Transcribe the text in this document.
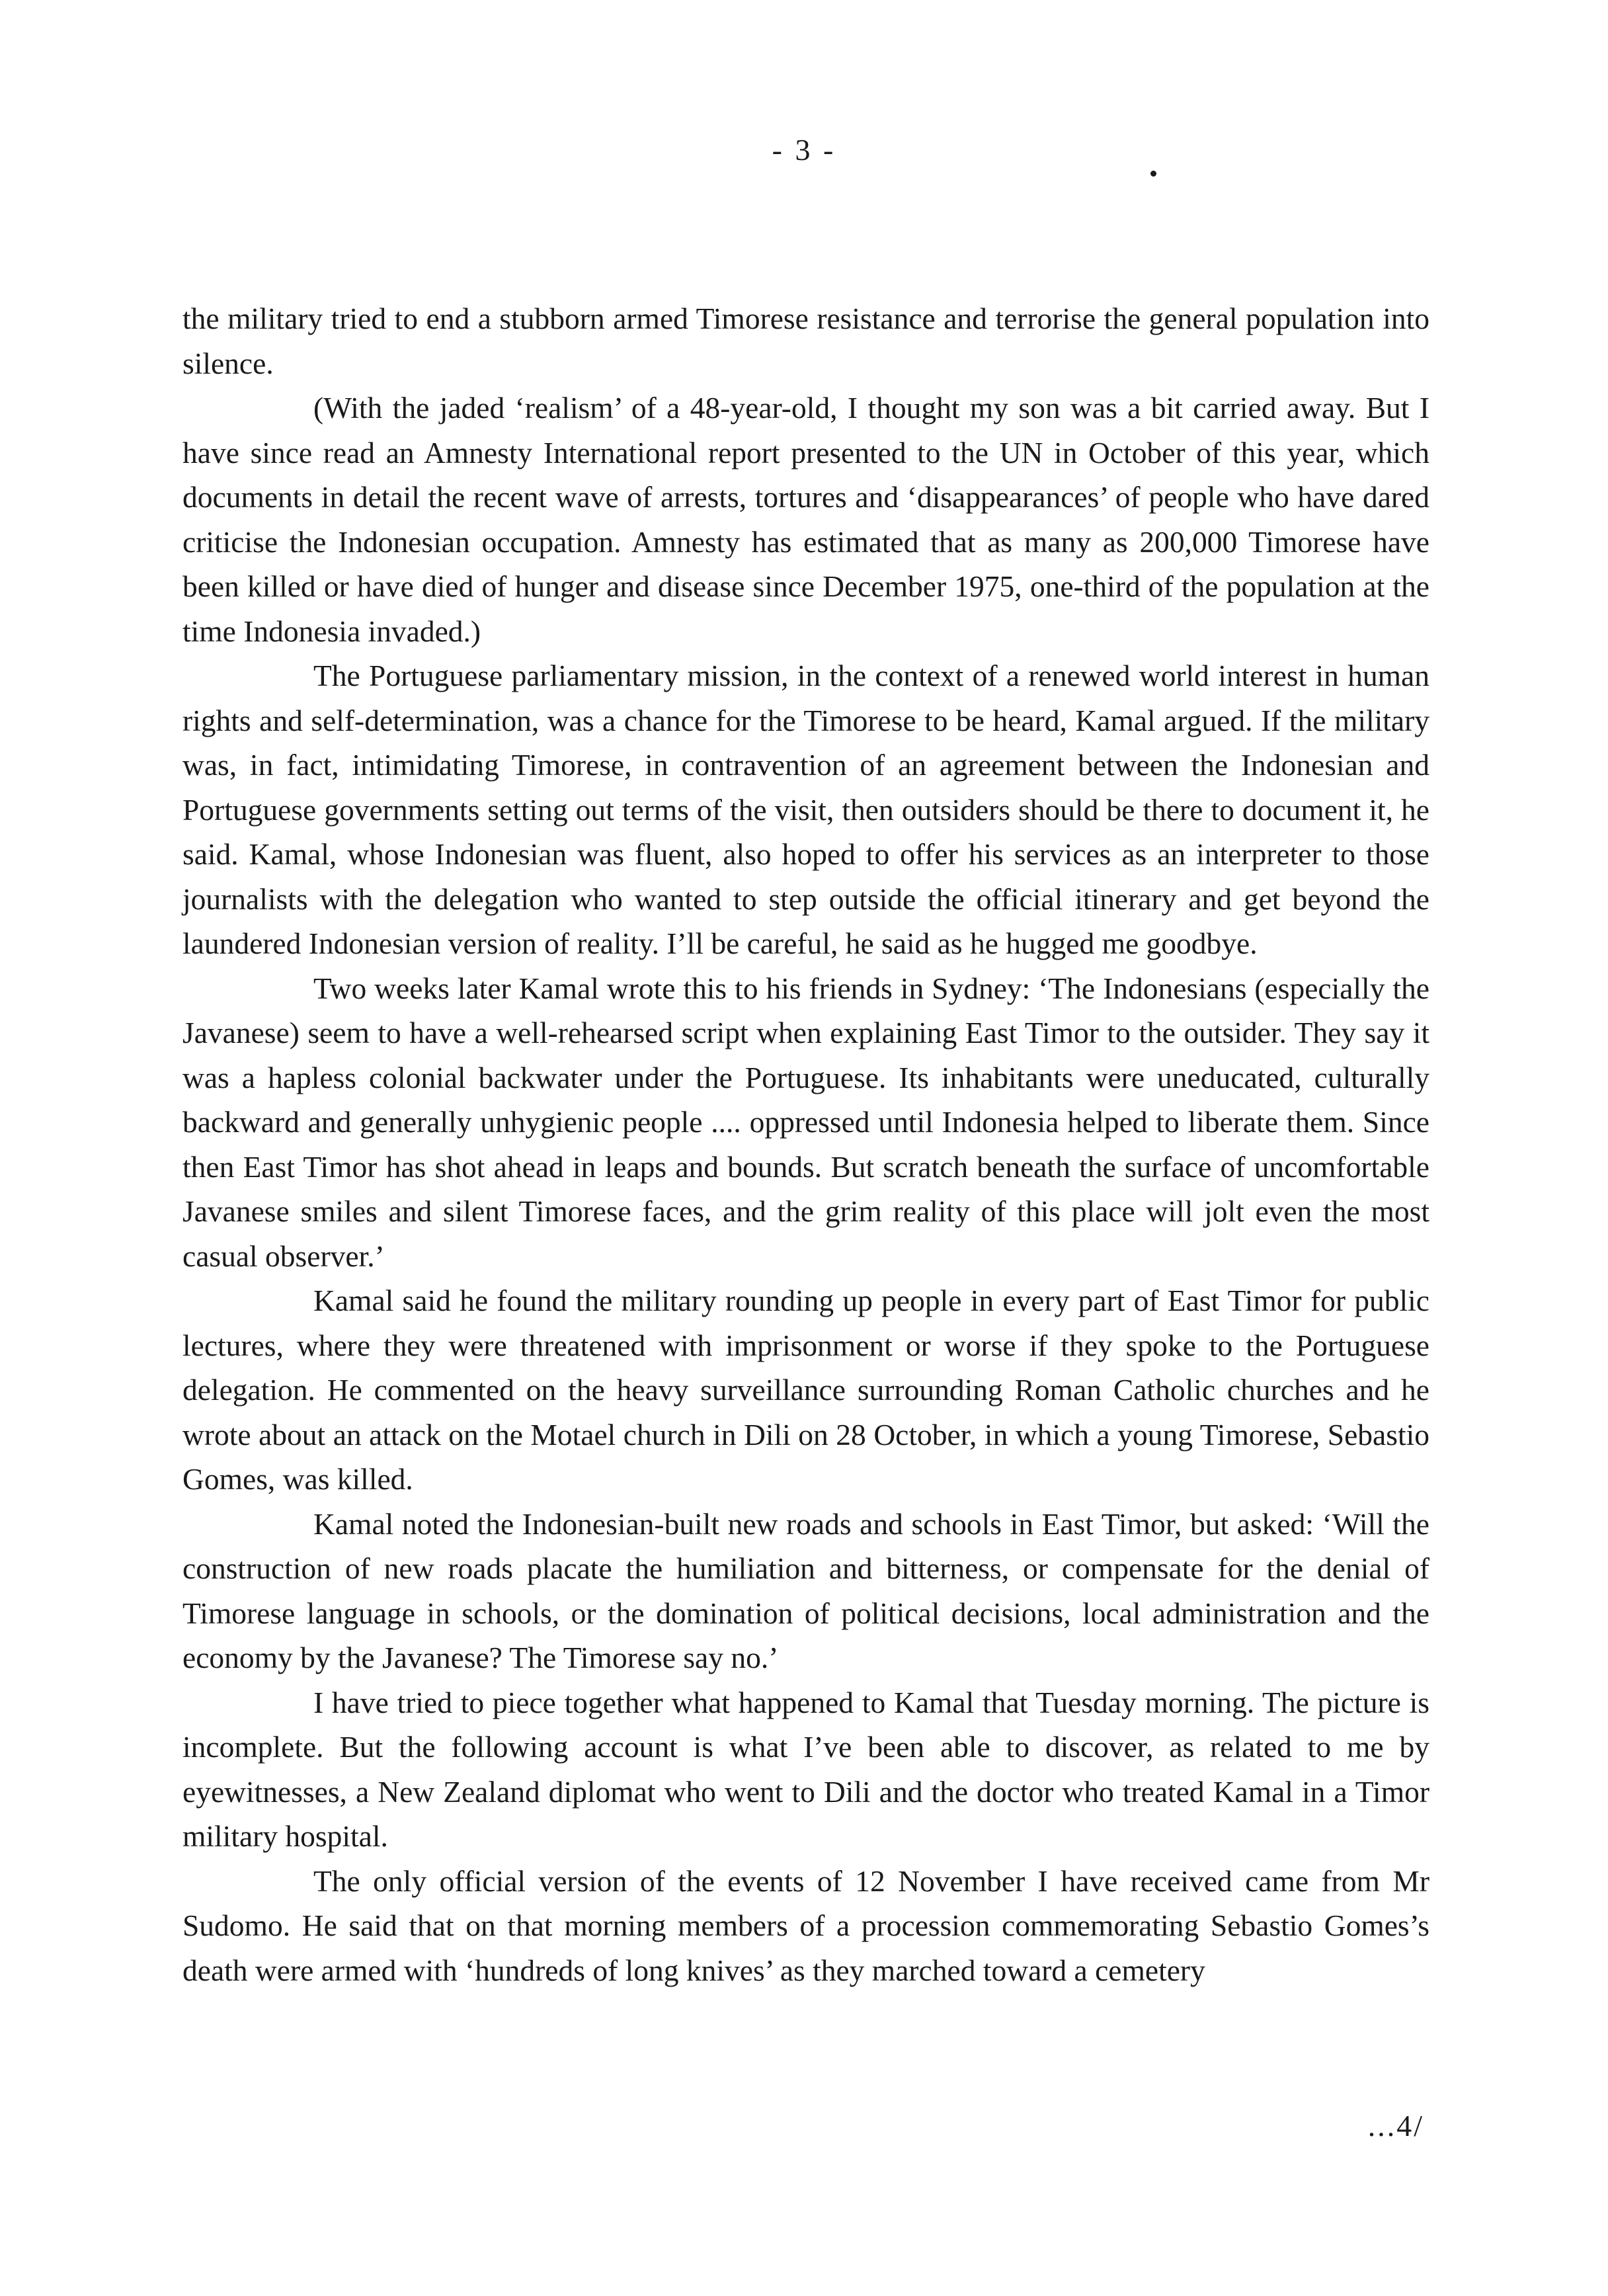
- 3 -

the military tried to end a stubborn armed Timorese resistance and terrorise the general population into silence.

(With the jaded ‘realism’ of a 48-year-old, I thought my son was a bit carried away. But I have since read an Amnesty International report presented to the UN in October of this year, which documents in detail the recent wave of arrests, tortures and ‘disappearances’ of people who have dared criticise the Indonesian occupation. Amnesty has estimated that as many as 200,000 Timorese have been killed or have died of hunger and disease since December 1975, one-third of the population at the time Indonesia invaded.)

The Portuguese parliamentary mission, in the context of a renewed world interest in human rights and self-determination, was a chance for the Timorese to be heard, Kamal argued. If the military was, in fact, intimidating Timorese, in contravention of an agreement between the Indonesian and Portuguese governments setting out terms of the visit, then outsiders should be there to document it, he said. Kamal, whose Indonesian was fluent, also hoped to offer his services as an interpreter to those journalists with the delegation who wanted to step outside the official itinerary and get beyond the laundered Indonesian version of reality. I’ll be careful, he said as he hugged me goodbye.

Two weeks later Kamal wrote this to his friends in Sydney: ‘The Indonesians (especially the Javanese) seem to have a well-rehearsed script when explaining East Timor to the outsider. They say it was a hapless colonial backwater under the Portuguese. Its inhabitants were uneducated, culturally backward and generally unhygienic people .... oppressed until Indonesia helped to liberate them. Since then East Timor has shot ahead in leaps and bounds. But scratch beneath the surface of uncomfortable Javanese smiles and silent Timorese faces, and the grim reality of this place will jolt even the most casual observer.’

Kamal said he found the military rounding up people in every part of East Timor for public lectures, where they were threatened with imprisonment or worse if they spoke to the Portuguese delegation. He commented on the heavy surveillance surrounding Roman Catholic churches and he wrote about an attack on the Motael church in Dili on 28 October, in which a young Timorese, Sebastio Gomes, was killed.

Kamal noted the Indonesian-built new roads and schools in East Timor, but asked: ‘Will the construction of new roads placate the humiliation and bitterness, or compensate for the denial of Timorese language in schools, or the domination of political decisions, local administration and the economy by the Javanese? The Timorese say no.’

I have tried to piece together what happened to Kamal that Tuesday morning. The picture is incomplete. But the following account is what I’ve been able to discover, as related to me by eyewitnesses, a New Zealand diplomat who went to Dili and the doctor who treated Kamal in a Timor military hospital.

The only official version of the events of 12 November I have received came from Mr Sudomo. He said that on that morning members of a procession commemorating Sebastio Gomes’s death were armed with ‘hundreds of long knives’ as they marched toward a cemetery

...4/
